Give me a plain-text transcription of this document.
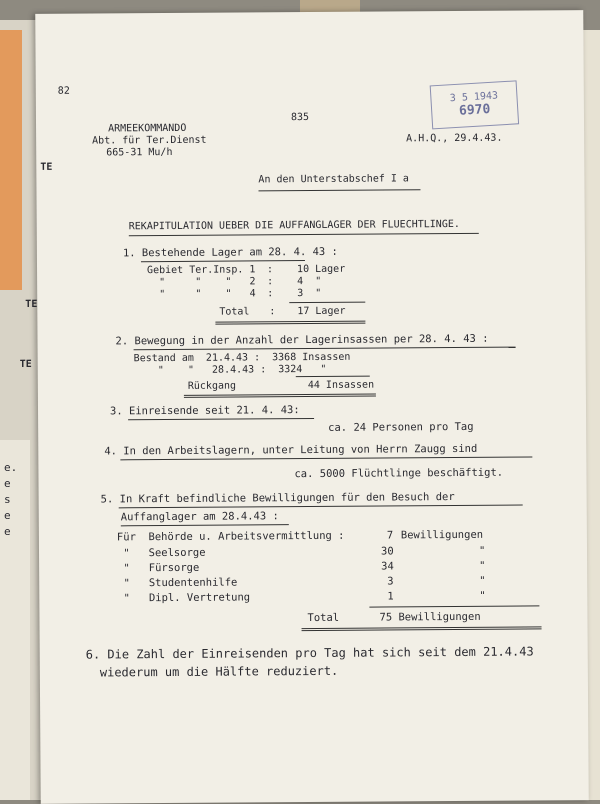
e.
e
s
e
e
82
TE
TE
TE
3 5 1943
6970
835
ARMEEKOMMANDO
Abt. für Ter.Dienst
665-31 Mu/h
A.H.Q., 29.4.43.
An den Unterstabschef I a
REKAPITULATION UEBER DIE AUFFANGLAGER DER FLUECHTLINGE.
1. Bestehende Lager am 28. 4. 43 :
Gebiet Ter.Insp. 1 : 10 Lager
"     "    "   2 : 4  "
"     "    "   4 : 3  "
Total : 17 Lager
2. Bewegung in der Anzahl der Lagerinsassen per 28. 4. 43 :
Bestand am  21.4.43 :  3368 Insassen
"    "   28.4.43 :  3324   "
Rückgang	44 Insassen
3. Einreisende seit 21. 4. 43:
ca. 24 Personen pro Tag
4. In den Arbeitslagern, unter Leitung von Herrn Zaugg sind
ca. 5000 Flüchtlinge beschäftigt.
5. In Kraft befindliche Bewilligungen für den Besuch der
Auffanglager am 28.4.43 :
Für  Behörde u. Arbeitsvermittlung :	7 Bewilligungen
"   Seelsorge	30	"
"   Fürsorge	34	"
"   Studentenhilfe	3	"
"   Dipl. Vertretung	1	"
Total	75 Bewilligungen
6. Die Zahl der Einreisenden pro Tag hat sich seit dem 21.4.43
wiederum um die Hälfte reduziert.
